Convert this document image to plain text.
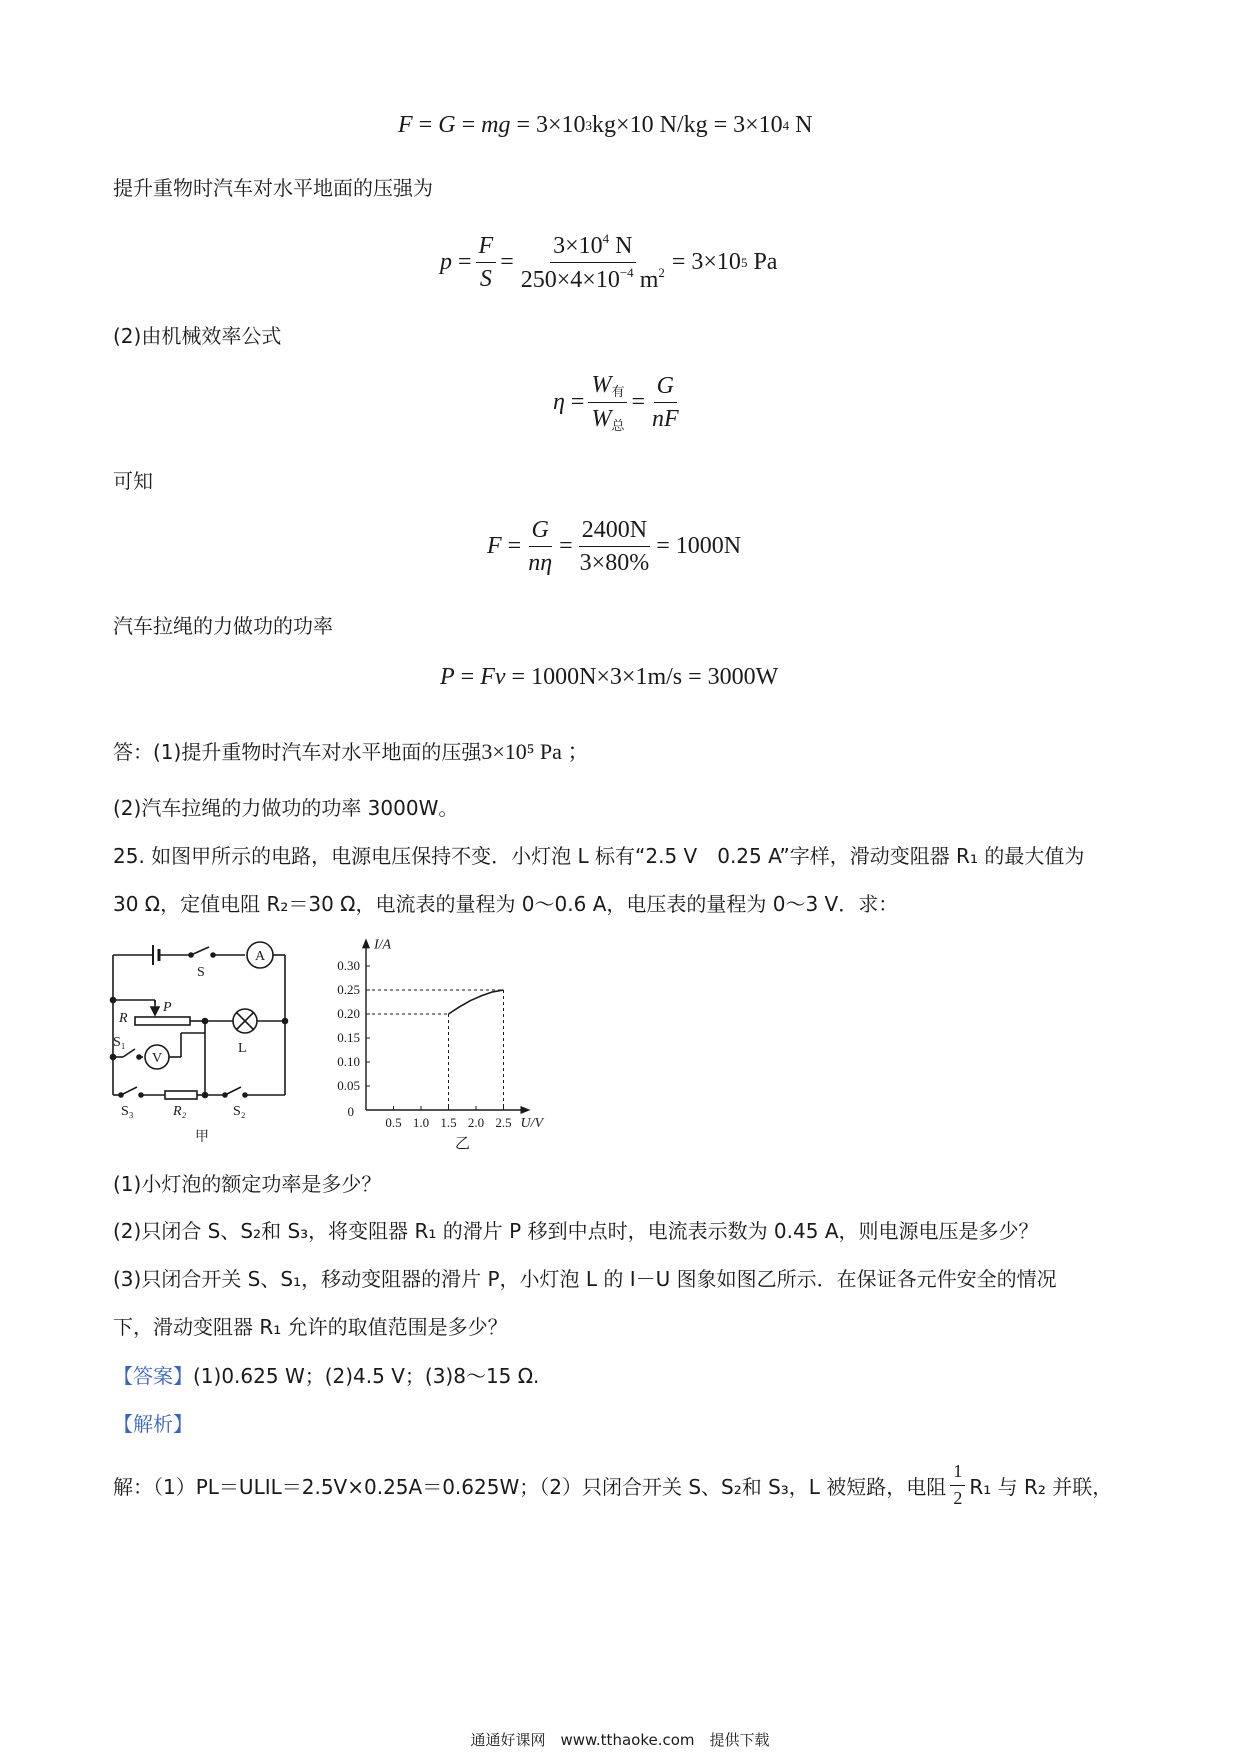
F = G = mg = 3×10 3 kg×10 N/kg = 3×10 4 N
提升重物时汽车对水平地面的压强为
$p = \frac{F}{S} = \frac{3\times 10^4 N}{250\times 4\times 10^{-4} m^2} = 3\times 10$ 5 Pa
(2)由机械效率公式
$\eta = \frac{W_有}{W_总} = \frac{G}{nF}$
可知
$F = \frac{G}{n\eta} = \frac{2400N}{3\times 80\%} = 1000N$
汽车拉绳的力做功的功率
P = Fv = 1000N×3×1m/s = 3000W
答：(1)提升重物时汽车对水平地面的压强3×10⁵ Pa ；
(2)汽车拉绳的力做功的功率 3000W。
25. 如图甲所示的电路，电源电压保持不变．小灯泡 L 标有“2.5 V　0.25 A”字样，滑动变阻器 R₁ 的最大值为
30 Ω，定值电阻 R₂＝30 Ω，电流表的量程为 0～0.6 A，电压表的量程为 0～3 V．求：
S
A
R
P
S₁
V
L
S₃	R₂	S₂
甲
0.5 1.0 1.5 2.0 2.5
0.05
0.10
0.15
0.20
0.25
0.30
0
I/A
U/V
乙
(1)小灯泡的额定功率是多少？
(2)只闭合 S、S₂和 S₃，将变阻器 R₁ 的滑片 P 移到中点时，电流表示数为 0.45 A，则电源电压是多少？
(3)只闭合开关 S、S₁，移动变阻器的滑片 P，小灯泡 L 的 I－U 图象如图乙所示．在保证各元件安全的情况
下，滑动变阻器 R₁ 允许的取值范围是多少？
【答案】(1)0.625 W；(2)4.5 V；(3)8～15 Ω.
【解析】
解：（1）PL＝ULIL＝2.5V×0.25A＝0.625W；（2）只闭合开关 S、S₂和 S₃，L 被短路，电阻 $\frac{1}{2} R_1$ 与 R₂ 并联，
通通好课网　www.tthaoke.com　提供下载
